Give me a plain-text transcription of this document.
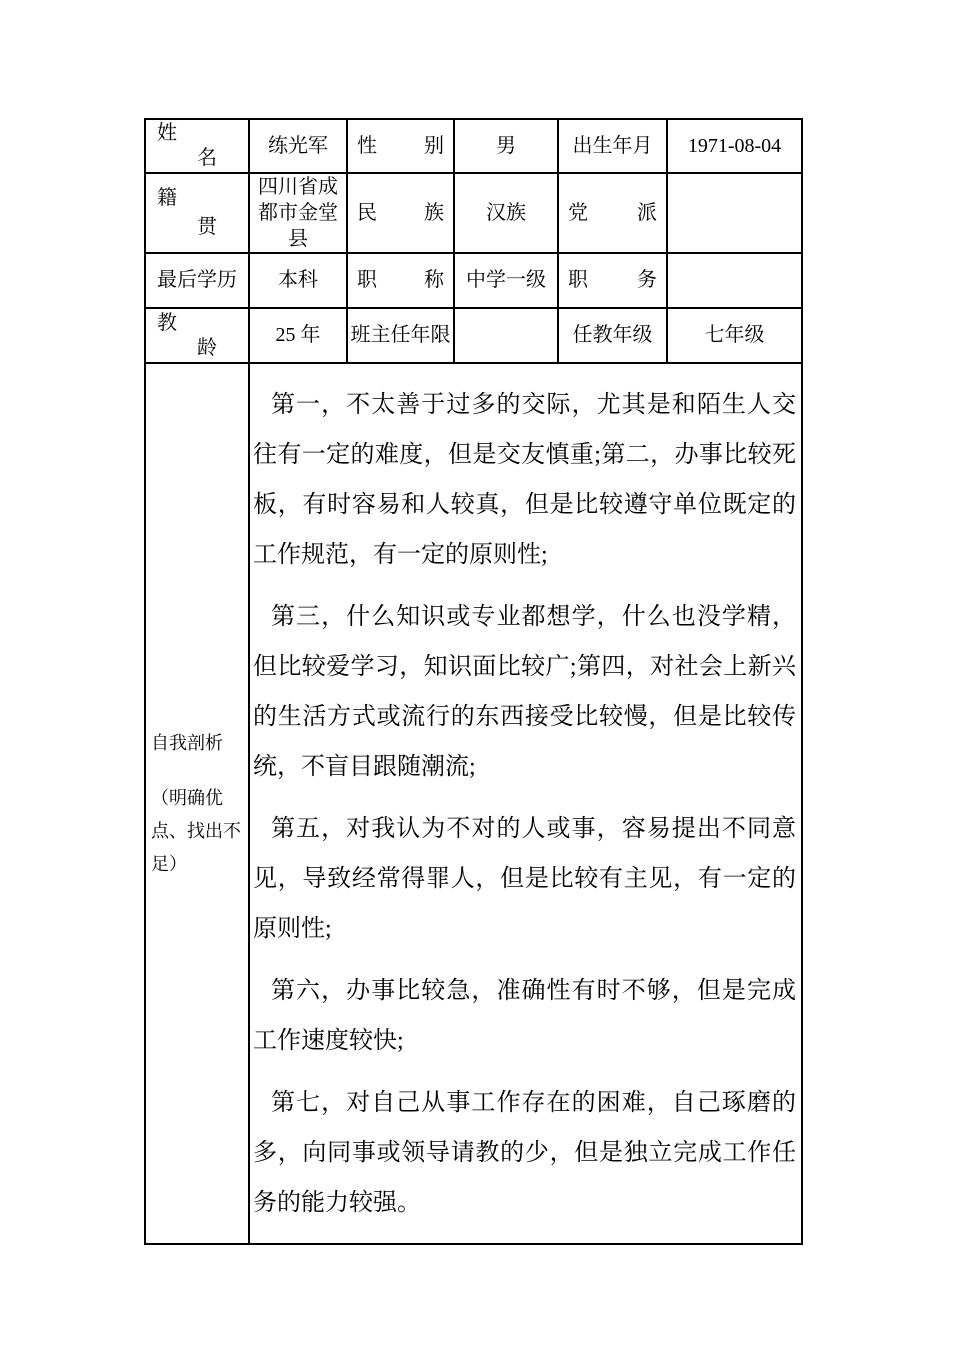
姓
名	练光军	性 别	男	出生年月	1971-08-04

籍
贯	四川省成都市金堂县	民 族	汉族	党 派	

最后学历	本科	职 称	中学一级	职 务	

教
龄	25 年	班主任年限		任教年级	七年级
自我剖析
（明确优点、找出不足）

第一，不太善于过多的交际，尤其是和陌生人交往有一定的难度，但是交友慎重;第二，办事比较死板，有时容易和人较真，但是比较遵守单位既定的工作规范，有一定的原则性;

第三，什么知识或专业都想学，什么也没学精，但比较爱学习，知识面比较广;第四，对社会上新兴的生活方式或流行的东西接受比较慢，但是比较传统，不盲目跟随潮流;

第五，对我认为不对的人或事，容易提出不同意见，导致经常得罪人，但是比较有主见，有一定的原则性;

第六，办事比较急，准确性有时不够，但是完成工作速度较快;

第七，对自己从事工作存在的困难，自己琢磨的多，向同事或领导请教的少，但是独立完成工作任务的能力较强。
